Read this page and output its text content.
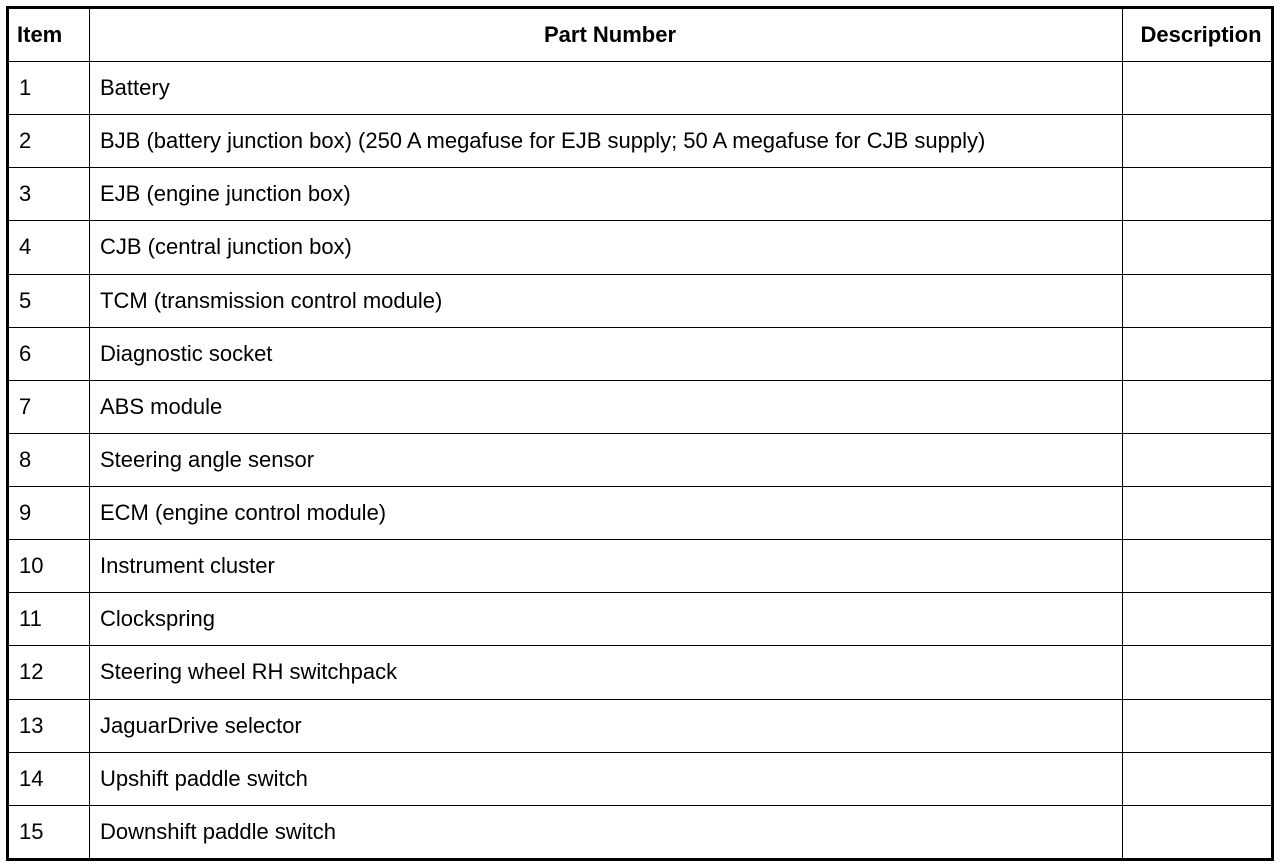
Item	Part Number	Description
1	Battery	
2	BJB (battery junction box) (250 A megafuse for EJB supply; 50 A megafuse for CJB supply)	
3	EJB (engine junction box)	
4	CJB (central junction box)	
5	TCM (transmission control module)	
6	Diagnostic socket	
7	ABS module	
8	Steering angle sensor	
9	ECM (engine control module)	
10	Instrument cluster	
11	Clockspring	
12	Steering wheel RH switchpack	
13	JaguarDrive selector	
14	Upshift paddle switch	
15	Downshift paddle switch	
